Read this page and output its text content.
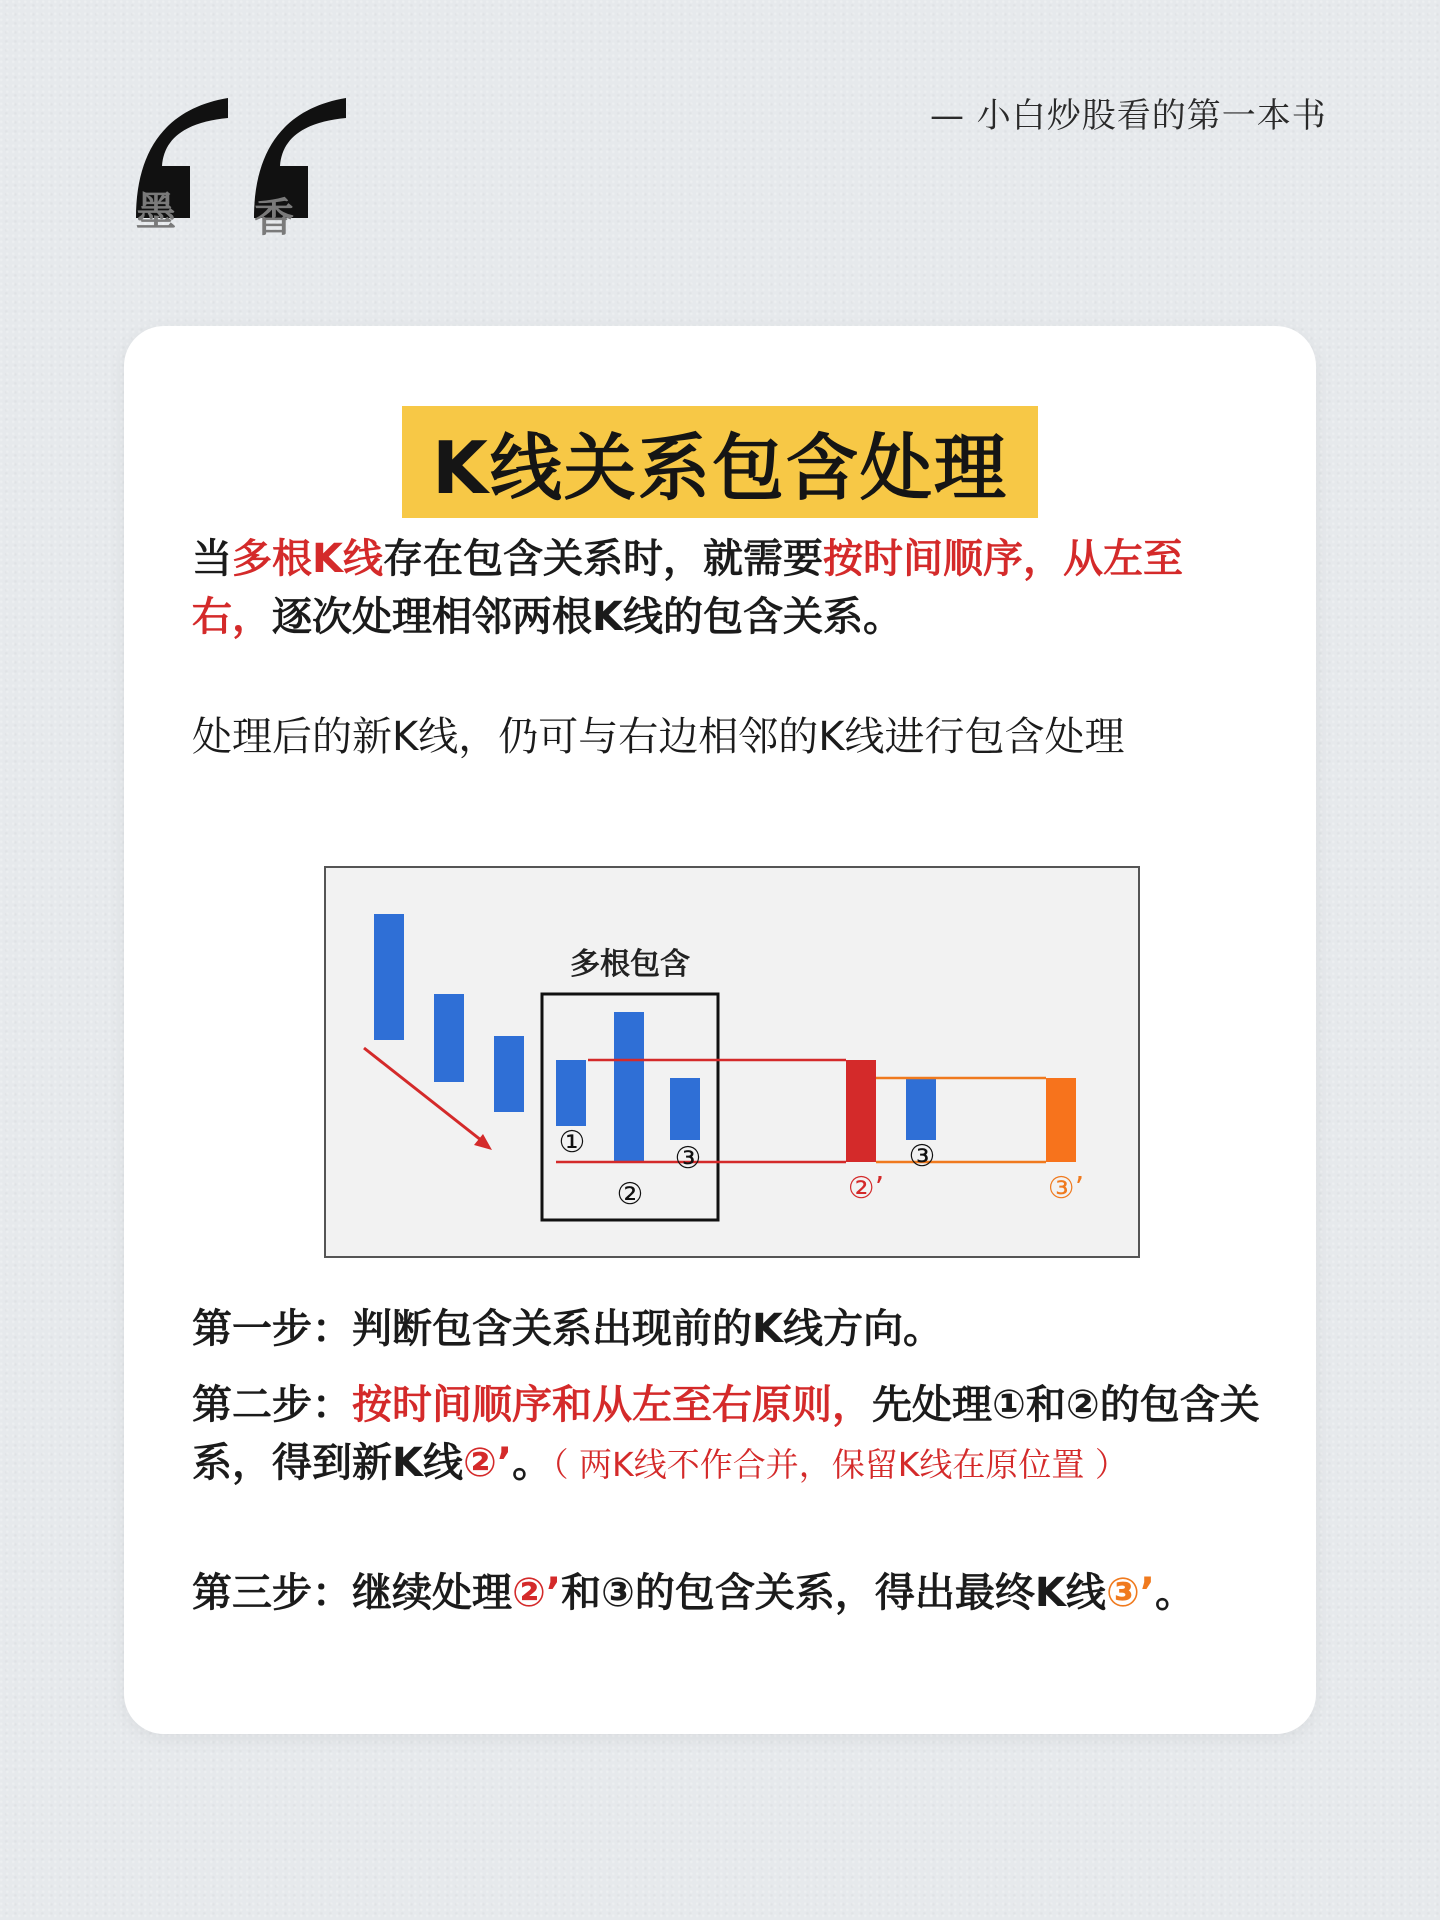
— 小白炒股看的第一本书
墨 香
K线关系包含处理
当多根K线存在包含关系时，就需要按时间顺序，从左至右，逐次处理相邻两根K线的包含关系。
处理后的新K线，仍可与右边相邻的K线进行包含处理
多根包含
①
②
③
②’
③
③’
第一步：判断包含关系出现前的K线方向。
第二步：按时间顺序和从左至右原则，先处理①和②的包含关系，得到新K线②’。（ 两K线不作合并，保留K线在原位置 ）
第三步：继续处理②’和③的包含关系，得出最终K线③’。
